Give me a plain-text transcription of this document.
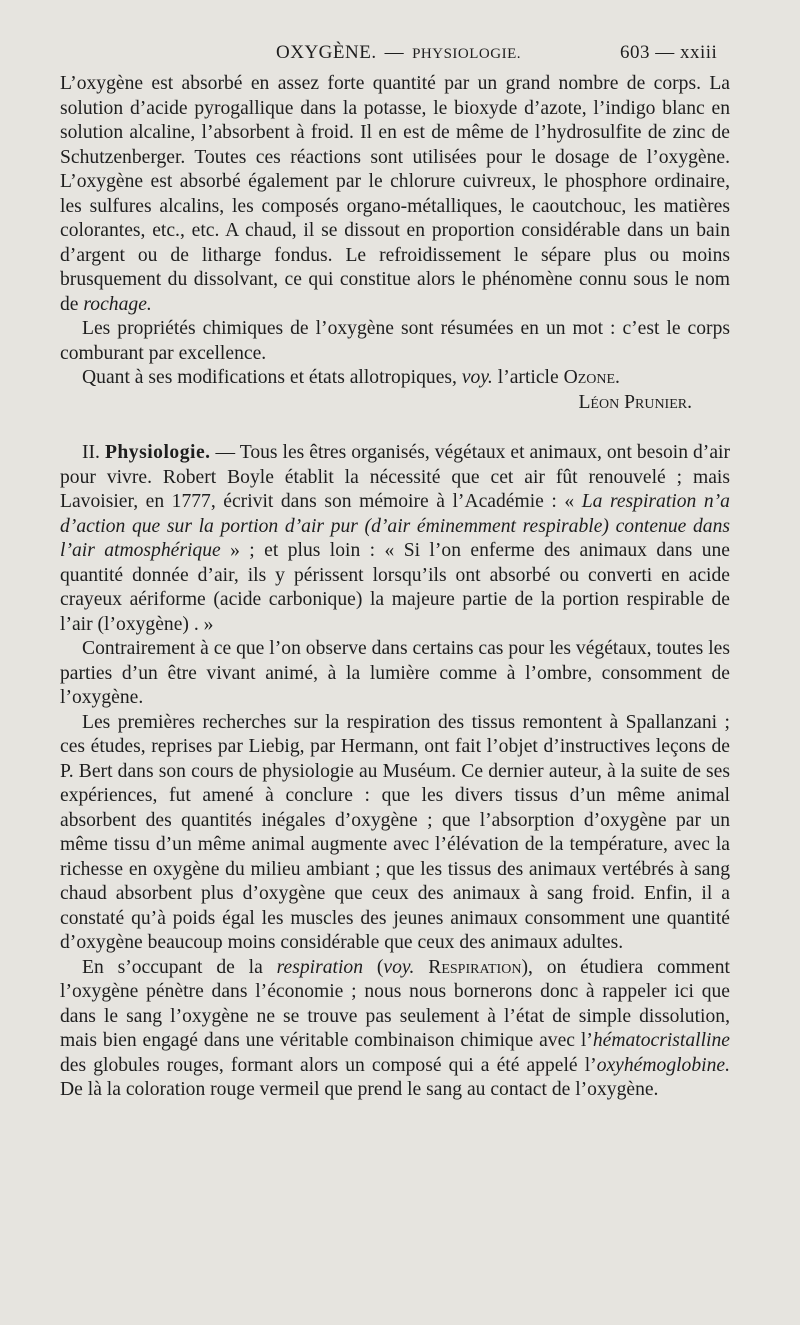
OXYGÈNE. — PHYSIOLOGIE.	603 — xxiii

L’oxygène est absorbé en assez forte quantité par un grand nombre de corps. La solution d’acide pyrogallique dans la potasse, le bioxyde d’azote, l’indigo blanc en solution alcaline, l’absorbent à froid. Il en est de même de l’hydrosulfite de zinc de Schutzenberger. Toutes ces réactions sont utilisées pour le dosage de l’oxygène. L’oxygène est absorbé également par le chlorure cuivreux, le phosphore ordinaire, les sulfures alcalins, les composés organo-métalliques, le caoutchouc, les matières colorantes, etc., etc. A chaud, il se dissout en proportion considérable dans un bain d’argent ou de litharge fondus. Le refroidissement le sépare plus ou moins brusquement du dissolvant, ce qui constitue alors le phénomène connu sous le nom de rochage.

Les propriétés chimiques de l’oxygène sont résumées en un mot : c’est le corps comburant par excellence.

Quant à ses modifications et états allotropiques, voy. l’article Ozone.

Léon Prunier.

II. Physiologie. — Tous les êtres organisés, végétaux et animaux, ont besoin d’air pour vivre. Robert Boyle établit la nécessité que cet air fût renouvelé ; mais Lavoisier, en 1777, écrivit dans son mémoire à l’Académie : « La respiration n’a d’action que sur la portion d’air pur (d’air éminemment respirable) contenue dans l’air atmosphérique » ; et plus loin : « Si l’on enferme des animaux dans une quantité donnée d’air, ils y périssent lorsqu’ils ont absorbé ou converti en acide crayeux aériforme (acide carbonique) la majeure partie de la portion respirable de l’air (l’oxygène) . »

Contrairement à ce que l’on observe dans certains cas pour les végétaux, toutes les parties d’un être vivant animé, à la lumière comme à l’ombre, consomment de l’oxygène.

Les premières recherches sur la respiration des tissus remontent à Spallanzani ; ces études, reprises par Liebig, par Hermann, ont fait l’objet d’instructives leçons de P. Bert dans son cours de physiologie au Muséum. Ce dernier auteur, à la suite de ses expériences, fut amené à conclure : que les divers tissus d’un même animal absorbent des quantités inégales d’oxygène ; que l’absorption d’oxygène par un même tissu d’un même animal augmente avec l’élévation de la température, avec la richesse en oxygène du milieu ambiant ; que les tissus des animaux vertébrés à sang chaud absorbent plus d’oxygène que ceux des animaux à sang froid. Enfin, il a constaté qu’à poids égal les muscles des jeunes animaux consomment une quantité d’oxygène beaucoup moins considérable que ceux des animaux adultes.

En s’occupant de la respiration (voy. Respiration), on étudiera comment l’oxygène pénètre dans l’économie ; nous nous bornerons donc à rappeler ici que dans le sang l’oxygène ne se trouve pas seulement à l’état de simple dissolution, mais bien engagé dans une véritable combinaison chimique avec l’hématocristalline des globules rouges, formant alors un composé qui a été appelé l’oxyhémoglobine. De là la coloration rouge vermeil que prend le sang au contact de l’oxygène.
